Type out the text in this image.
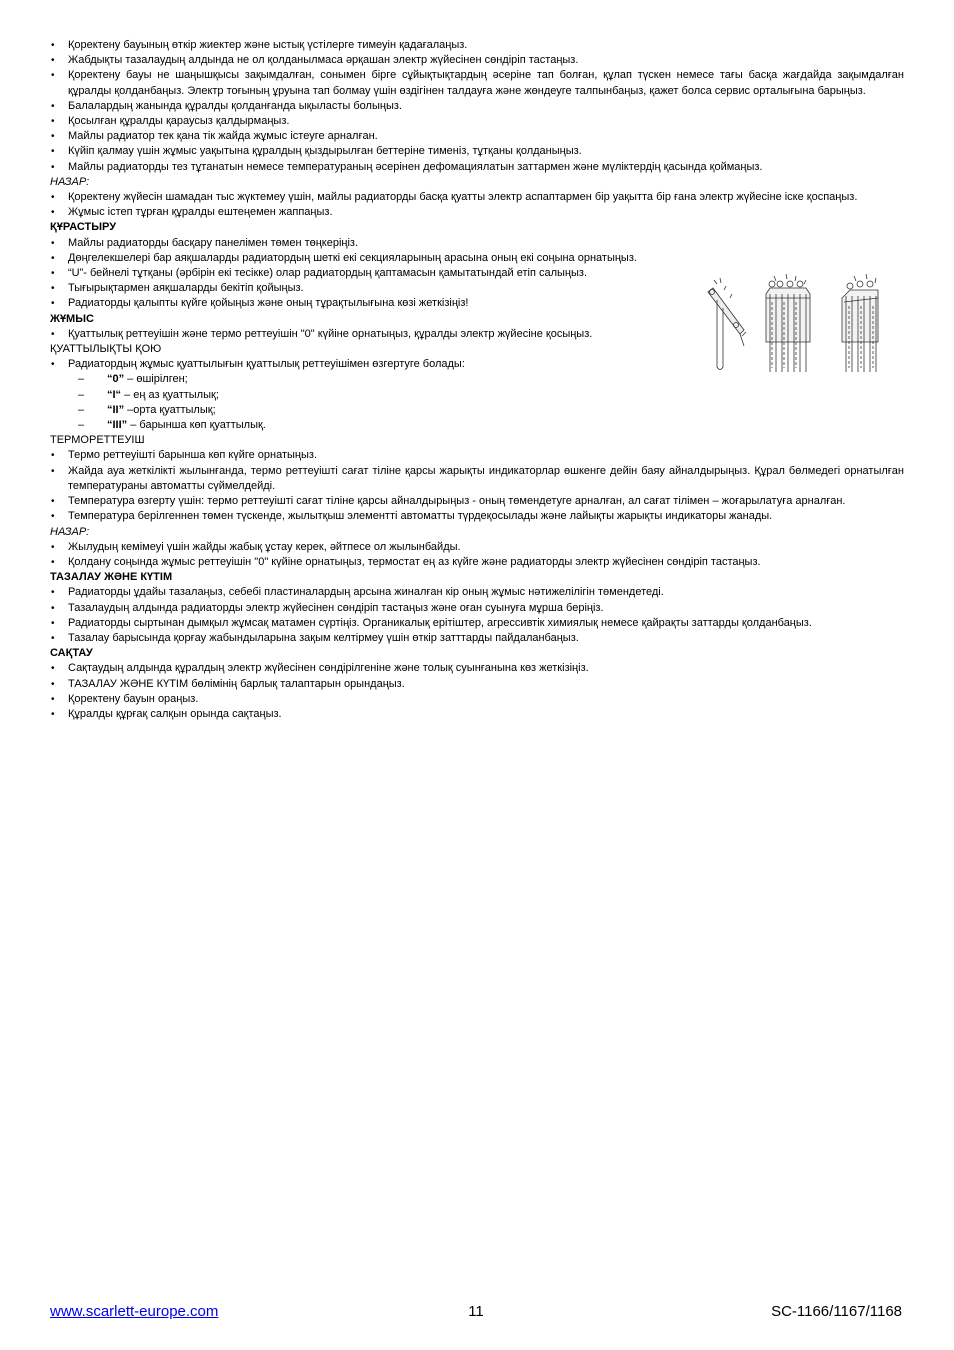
• Қоректену бауының өткір жиектер және ыстық үстілерге тимеуін қадағалаңыз.

• Жабдықты тазалаудың алдында не ол қолданылмаса әрқашан электр жүйесінен сөндіріп тастаңыз.

• Қоректену бауы не шаңышқысы зақымдалған, сонымен бірге сұйықтықтардың әсеріне тап болған, құлап түскен немесе тағы басқа жағдайда зақымдалған құралды қолданбаңыз. Электр тоғының ұруына тап болмау үшін өздігінен талдауға және жөндеуге талпынбаңыз, қажет болса сервис орталығына барыңыз.

• Балалардың жанында құралды қолданғанда ықыласты болыңыз.

• Қосылған құралды қараусыз қалдырмаңыз.

• Майлы радиатор тек қана тік жайда жұмыс істеуге арналған.

• Күйіп қалмау үшін жұмыс уақытына құралдың қыздырылған беттеріне тименіз, тұтқаны қолданыңыз.

• Майлы радиаторды тез тұтанатын немесе температураның әсерінен дефомациялатын заттармен және мүліктердің қасында қоймаңыз.

НАЗАР:

• Қоректену жүйесін шамадан тыс жүктемеу үшін, майлы радиаторды басқа қуатты электр аспаптармен бір уақытта бір ғана электр жүйесіне іске қоспаңыз.

• Жұмыс істеп тұрған құралды ештеңемен жаппаңыз.

ҚҰРАСТЫРУ

• Майлы радиаторды басқару панелімен төмен төңкеріңіз.

• Дөңгелекшелері бар аяқшаларды радиатордың шеткі екі секцияларының арасына оның екі соңына орнатыңыз.

• “U”- бейнелі тұтқаны (әрбірін екі тесікке) олар радиатордың қаптамасын қамытатындай етіп салыңыз.

• Тығырықтармен аяқшаларды бекітіп қойыңыз.

• Радиаторды қалыпты күйге қойыңыз және оның тұрақтылығына көзі жеткізіңіз!

ЖҰМЫС

• Қуаттылық реттеуішін және термо реттеуішін "0" күйіне орнатыңыз, құралды электр жүйесіне қосыңыз.

ҚУАТТЫЛЫҚТЫ ҚОЮ

• Радиатордың жұмыс қуаттылығын қуаттылық реттеуішімен өзгертуге болады:

– “0” – өшірілген;

– “I“ – ең аз қуаттылық;

– “II” –орта қуаттылық;

– “III” – барынша көп қуаттылық.

ТЕРМОРЕТТЕУІШ

• Термо реттеуішті барынша көп күйге орнатыңыз.

• Жайда ауа жеткілікті жылынғанда, термо реттеуішті сағат тіліне қарсы жарықты индикаторлар өшкенге дейін баяу айналдырыңыз. Құрал бөлмедегі орнатылған температураны автоматты сүймелдейді.

• Температура өзгерту үшін: термо реттеуішті сағат тіліне қарсы айналдырыңыз - оның төмендетуге арналған, ал сағат тілімен – жоғарылатуға арналған.

• Температура берілгеннен төмен түскенде, жылытқыш элементті автоматты түрдеқосылады және лайықты жарықты индикаторы жанады.

НАЗАР:

• Жылудың кемімеуі үшін жайды жабық ұстау керек, әйтпесе ол жылынбайды.

• Қолдану соңында жұмыс реттеуішін "0" күйіне орнатыңыз, термостат ең аз күйге және радиаторды электр жүйесінен сөндіріп тастаңыз.

ТАЗАЛАУ ЖӘНЕ КҮТІМ

• Радиаторды ұдайы тазалаңыз, себебі пластиналардың арсына жиналған кір оның жұмыс нәтижелілігін төмендетеді.

• Тазалаудың алдында радиаторды электр жүйесінен сөндіріп тастаңыз және оған суынуға мұрша беріңіз.

• Радиаторды сыртынан дымқыл жұмсақ матамен сүртіңіз. Органикалық ерітіштер, агрессивтік химиялық немесе қайрақты заттарды қолданбаңыз.

• Тазалау барысында қорғау жабындыларына зақым келтірмеу үшін өткір затттарды пайдаланбаңыз.

САҚТАУ

• Сақтаудың алдында құралдың электр жүйесінен сөндірілгеніне және толық суынғанына көз жеткізіңіз.

• ТАЗАЛАУ ЖӘНЕ КҮТІМ бөлімінің барлық талаптарын орындаңыз.

• Қоректену бауын ораңыз.

• Құралды құрғақ салқын орында сақтаңыз.

www.scarlett-europe.com	11	SC-1166/1167/1168
